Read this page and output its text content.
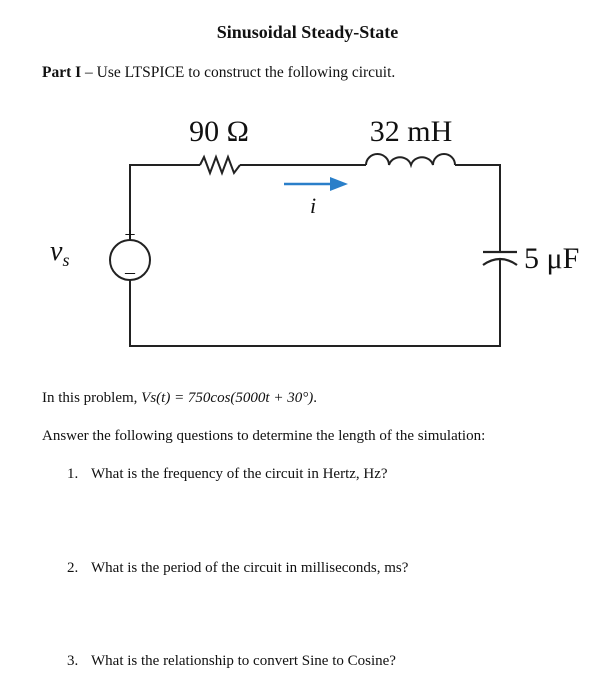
Sinusoidal Steady-State
Part I – Use LTSPICE to construct the following circuit.
90 Ω	32 mH
i
5 μF
+
–
$v_s$
In this problem, Vs(t) = 750cos(5000t + 30°).
Answer the following questions to determine the length of the simulation:
1. What is the frequency of the circuit in Hertz, Hz?
2. What is the period of the circuit in milliseconds, ms?
3. What is the relationship to convert Sine to Cosine?
